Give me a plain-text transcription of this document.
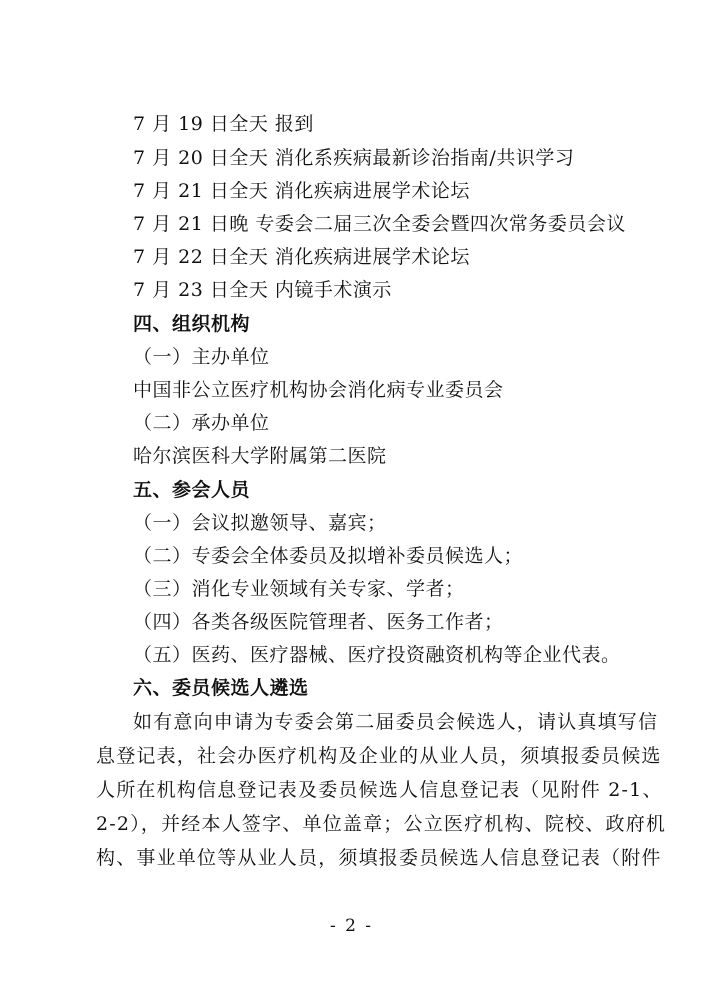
7 月 19 日全天 报到
7 月 20 日全天 消化系疾病最新诊治指南/共识学习
7 月 21 日全天 消化疾病进展学术论坛
7 月 21 日晚 专委会二届三次全委会暨四次常务委员会议
7 月 22 日全天 消化疾病进展学术论坛
7 月 23 日全天 内镜手术演示
四、组织机构
（一）主办单位
中国非公立医疗机构协会消化病专业委员会
（二）承办单位
哈尔滨医科大学附属第二医院
五、参会人员
（一）会议拟邀领导、嘉宾；
（二）专委会全体委员及拟增补委员候选人；
（三）消化专业领域有关专家、学者；
（四）各类各级医院管理者、医务工作者；
（五）医药、医疗器械、医疗投资融资机构等企业代表。
六、委员候选人遴选
如有意向申请为专委会第二届委员会候选人，请认真填写信
息登记表，社会办医疗机构及企业的从业人员，须填报委员候选
人所在机构信息登记表及委员候选人信息登记表（见附件 2-1、
2-2），并经本人签字、单位盖章；公立医疗机构、院校、政府机
构、事业单位等从业人员，须填报委员候选人信息登记表（附件
- 2 -
